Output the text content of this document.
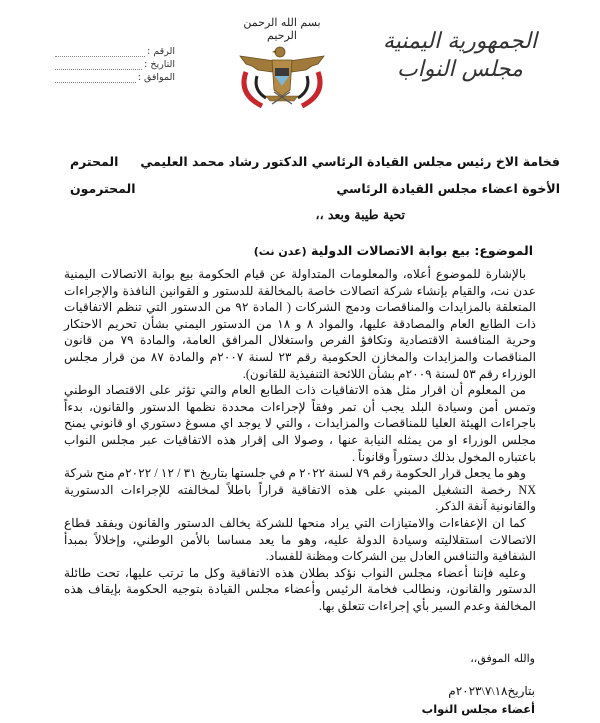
الجمهورية اليمنية
مجلس النواب
بسم الله الرحمن الرحيم
الرقم :
التاريخ :
الموافق :
فخامة الاخ رئيس مجلس القيادة الرئاسي الدكتور رشاد محمد العليمي
المحترم
الأخوة اعضاء مجلس القيادة الرئاسي
المحترمون
تحية طيبة وبعد ،،
الموضوع: بيع بوابة الاتصالات الدولية (عدن نت)

بالإشارة للموضوع أعلاه، والمعلومات المتداولة عن قيام الحكومة بيع بوابة الاتصالات اليمنية عدن نت، والقيام بإنشاء شركة اتصالات خاصة بالمخالفة للدستور و القوانين النافذة والإجراءات المتعلقة بالمزايدات والمناقصات ودمج الشركات ( المادة ٩٢ من الدستور التي تنظم الاتفاقيات ذات الطابع العام والمصادقة عليها، والمواد ٨ و ١٨ من الدستور اليمني بشأن تحريم الاحتكار وحرية المنافسة الاقتصادية وتكافؤ الفرص واستغلال المرافق العامة، والمادة ٧٩ من قانون المناقصات والمزايدات والمخازن الحكومية رقم ٢٣ لسنة ٢٠٠٧م والمادة ٨٧ من قرار مجلس الوزراء رقم ٥٣ لسنة ٢٠٠٩م بشأن اللائحة التنفيذية للقانون).

من المعلوم أن اقرار مثل هذه الاتفاقيات ذات الطابع العام والتي تؤثر على الاقتصاد الوطني وتمس أمن وسيادة البلد يجب أن تمر وفقاً لإجراءات محددة نظمها الدستور والقانون، بدءاً باجراءات الهيئة العليا للمناقصات والمزايدات ، والتي لا يوجد اي مسوغ دستوري او قانوني يمنح مجلس الوزراء او من يمثله النيابة عنها ، وصولا الى إقرار هذه الاتفاقيات عبر مجلس النواب باعتباره المخول بذلك دستوراً وقانوناً .

وهو ما يجعل قرار الحكومة رقم ٧٩ لسنة ٢٠٢٢ م في جلستها بتاريخ ٣١ / ١٢ / ٢٠٢٢م منح شركة NX رخصة التشغيل المبني على هذه الاتفاقية قراراً باطلاً لمخالفته للإجراءات الدستورية والقانونية آنفة الذكر.

كما ان الإعفاءات والامتيازات التي يراد منحها للشركة يخالف الدستور والقانون ويفقد قطاع الاتصالات استقلاليته وسيادة الدولة عليه، وهو ما يعد مساسا بالأمن الوطني، وإخلالاً بمبدأ الشفافية والتنافس العادل بين الشركات ومظنة للفساد.

وعليه فإننا أعضاء مجلس النواب نؤكد بطلان هذه الاتفاقية وكل ما ترتب عليها، تحت طائلة الدستور والقانون، ونطالب فخامة الرئيس وأعضاء مجلس القيادة بتوجيه الحكومة بإيقاف هذه المخالفة وعدم السير بأي إجراءات تتعلق بها.

والله الموفق،،
بتاريخ١٨\٧\٢٠٢٣م
أعضاء مجلس النواب
